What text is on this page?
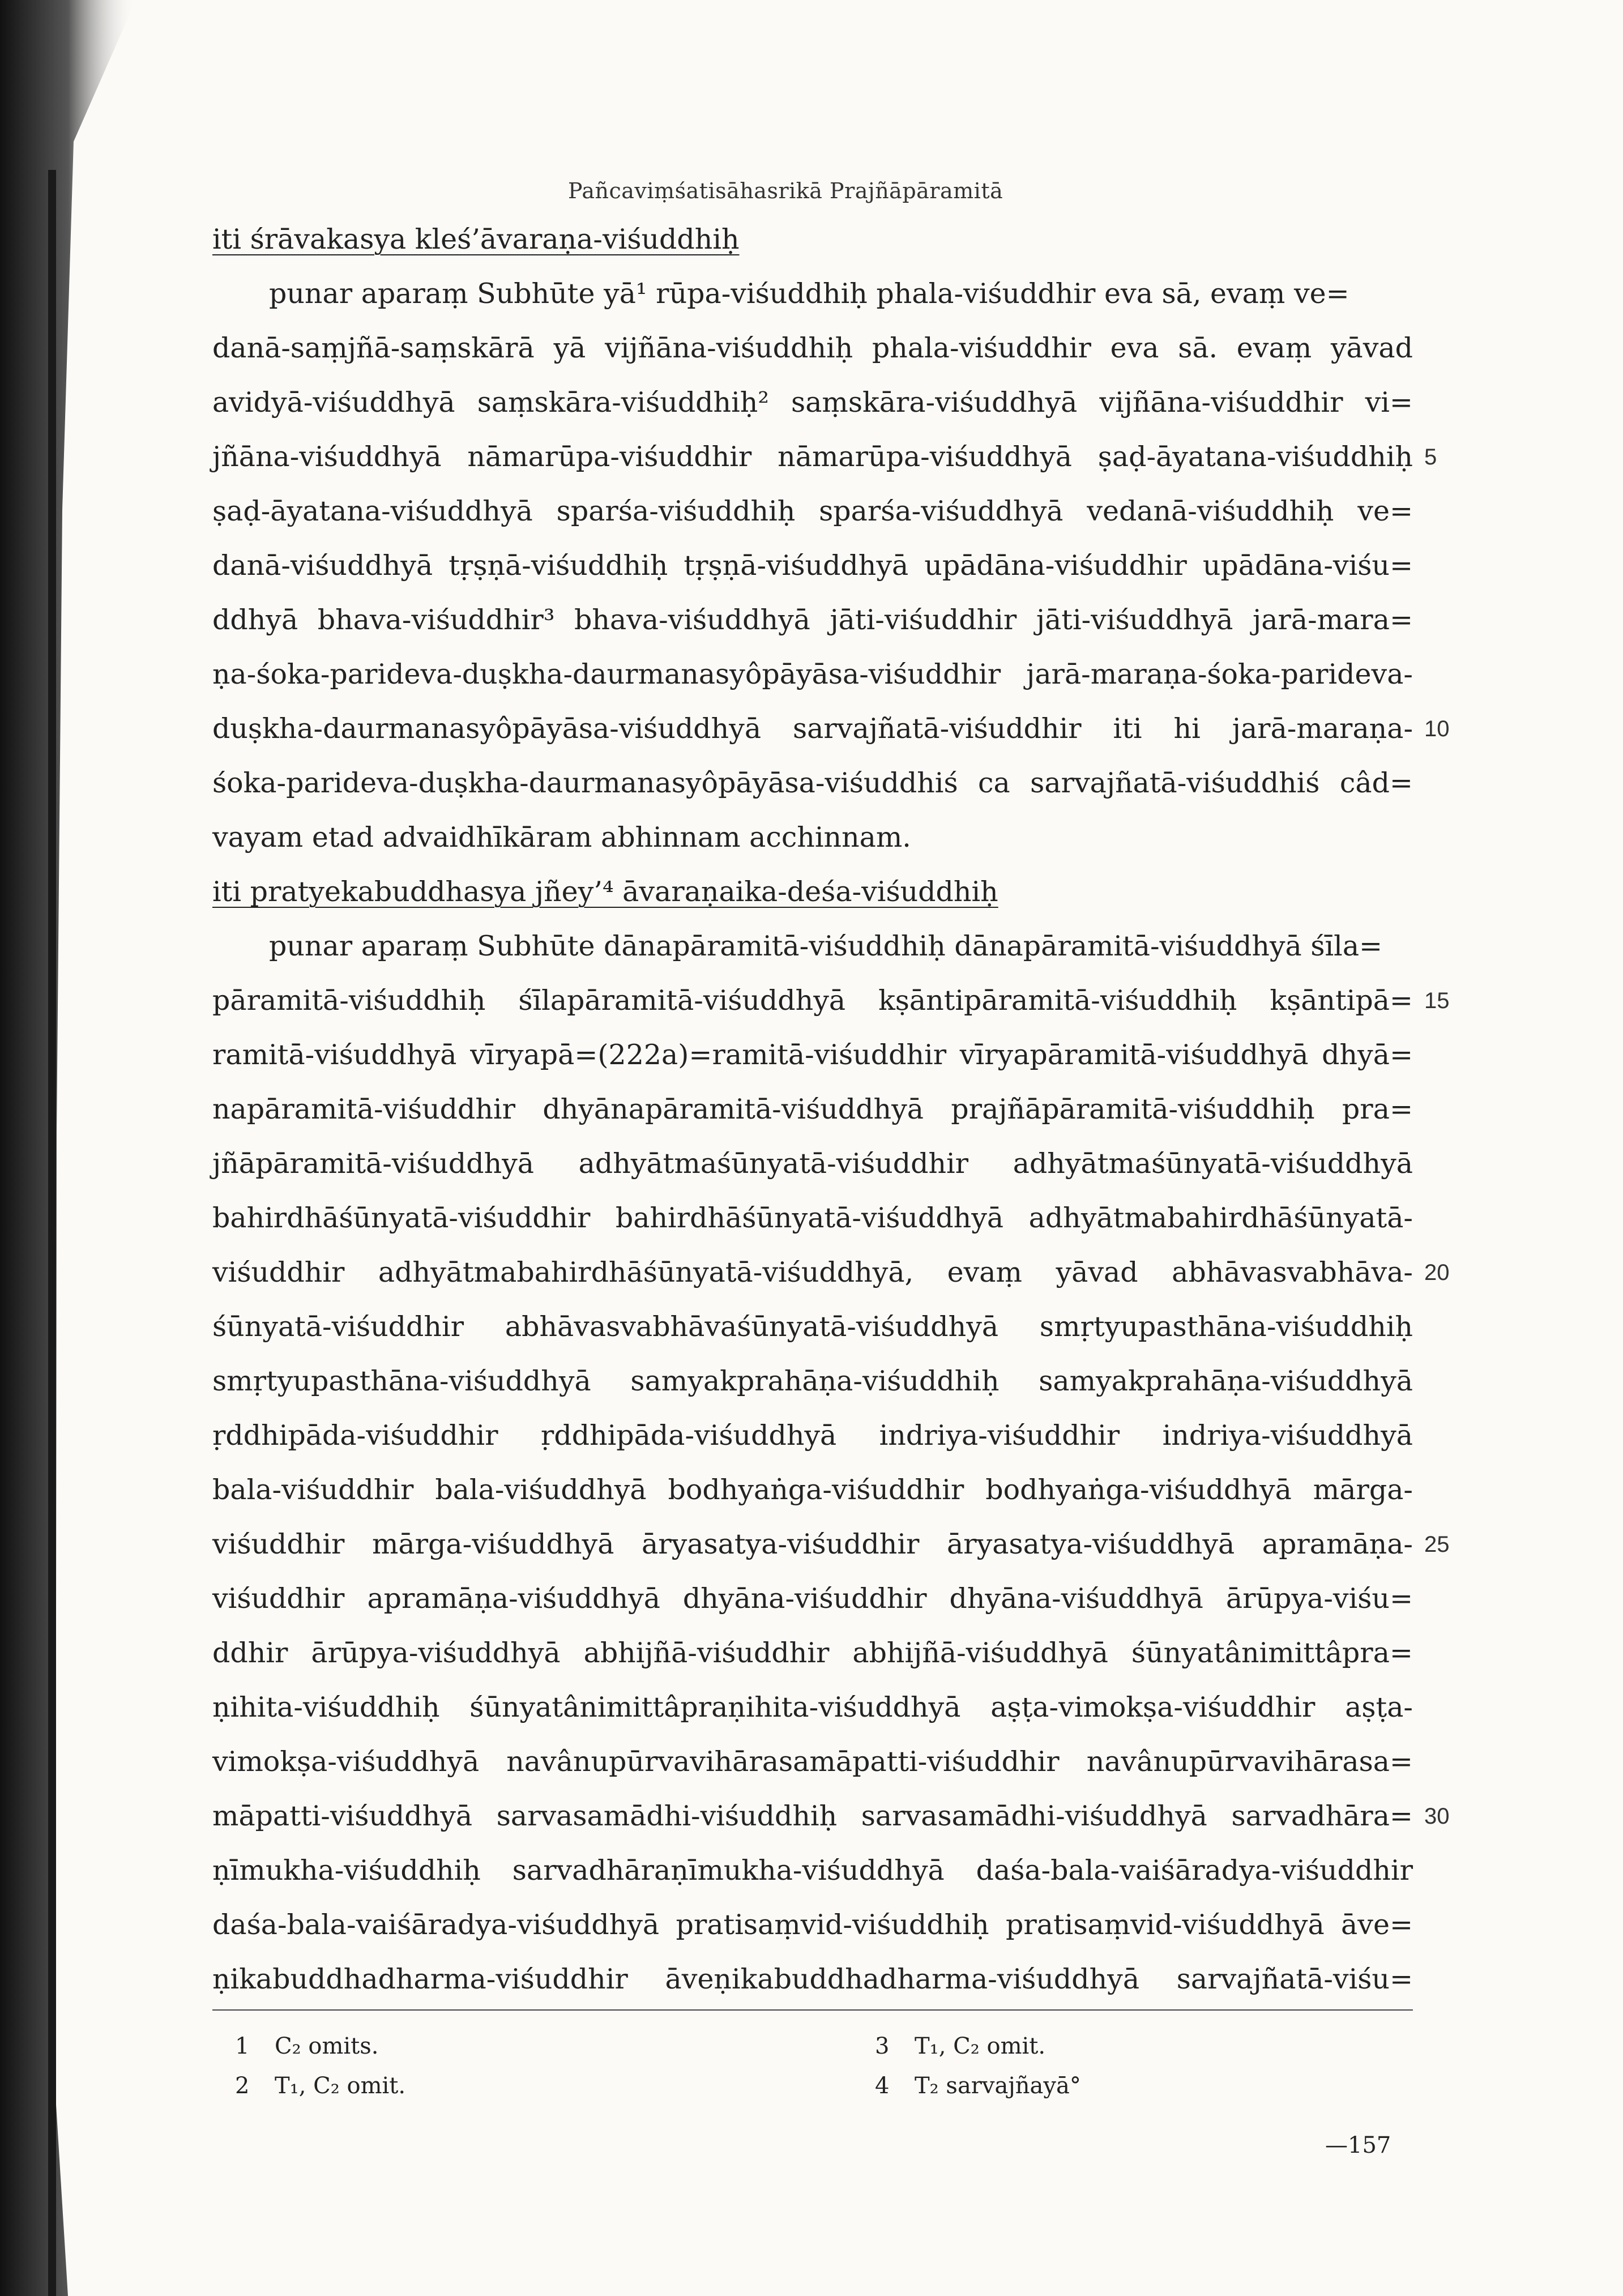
Pañcaviṃśatisāhasrikā Prajñāpāramitā
iti śrāvakasya kleś’āvaraṇa-viśuddhiḥ
punar aparaṃ Subhūte yā¹ rūpa-viśuddhiḥ phala-viśuddhir eva sā, evaṃ ve=
danā-saṃjñā-saṃskārā yā vijñāna-viśuddhiḥ phala-viśuddhir eva sā. evaṃ yāvad
avidyā-viśuddhyā saṃskāra-viśuddhiḥ² saṃskāra-viśuddhyā vijñāna-viśuddhir vi=
jñāna-viśuddhyā nāmarūpa-viśuddhir nāmarūpa-viśuddhyā ṣaḍ-āyatana-viśuddhiḥ 5
ṣaḍ-āyatana-viśuddhyā sparśa-viśuddhiḥ sparśa-viśuddhyā vedanā-viśuddhiḥ ve=
danā-viśuddhyā tṛṣṇā-viśuddhiḥ tṛṣṇā-viśuddhyā upādāna-viśuddhir upādāna-viśu=
ddhyā bhava-viśuddhir³ bhava-viśuddhyā jāti-viśuddhir jāti-viśuddhyā jarā-mara=
ṇa-śoka-parideva-duṣkha-daurmanasyôpāyāsa-viśuddhir jarā-maraṇa-śoka-parideva-
duṣkha-daurmanasyôpāyāsa-viśuddhyā sarvajñatā-viśuddhir iti hi jarā-maraṇa- 10
śoka-parideva-duṣkha-daurmanasyôpāyāsa-viśuddhiś ca sarvajñatā-viśuddhiś câd=
vayam etad advaidhīkāram abhinnam acchinnam.
iti pratyekabuddhasya jñey’⁴ āvaraṇaika-deśa-viśuddhiḥ
punar aparaṃ Subhūte dānapāramitā-viśuddhiḥ dānapāramitā-viśuddhyā śīla=
pāramitā-viśuddhiḥ śīlapāramitā-viśuddhyā kṣāntipāramitā-viśuddhiḥ kṣāntipā= 15
ramitā-viśuddhyā vīryapā=(222a)=ramitā-viśuddhir vīryapāramitā-viśuddhyā dhyā=
napāramitā-viśuddhir dhyānapāramitā-viśuddhyā prajñāpāramitā-viśuddhiḥ pra=
jñāpāramitā-viśuddhyā adhyātmaśūnyatā-viśuddhir adhyātmaśūnyatā-viśuddhyā
bahirdhāśūnyatā-viśuddhir bahirdhāśūnyatā-viśuddhyā adhyātmabahirdhāśūnyatā-
viśuddhir adhyātmabahirdhāśūnyatā-viśuddhyā, evaṃ yāvad abhāvasvabhāva- 20
śūnyatā-viśuddhir abhāvasvabhāvaśūnyatā-viśuddhyā smṛtyupasthāna-viśuddhiḥ
smṛtyupasthāna-viśuddhyā samyakprahāṇa-viśuddhiḥ samyakprahāṇa-viśuddhyā
ṛddhipāda-viśuddhir ṛddhipāda-viśuddhyā indriya-viśuddhir indriya-viśuddhyā
bala-viśuddhir bala-viśuddhyā bodhyaṅga-viśuddhir bodhyaṅga-viśuddhyā mārga-
viśuddhir mārga-viśuddhyā āryasatya-viśuddhir āryasatya-viśuddhyā apramāṇa- 25
viśuddhir apramāṇa-viśuddhyā dhyāna-viśuddhir dhyāna-viśuddhyā ārūpya-viśu=
ddhir ārūpya-viśuddhyā abhijñā-viśuddhir abhijñā-viśuddhyā śūnyatânimittâpra=
ṇihita-viśuddhiḥ śūnyatânimittâpraṇihita-viśuddhyā aṣṭa-vimokṣa-viśuddhir aṣṭa-
vimokṣa-viśuddhyā navânupūrvavihārasamāpatti-viśuddhir navânupūrvavihārasa=
māpatti-viśuddhyā sarvasamādhi-viśuddhiḥ sarvasamādhi-viśuddhyā sarvadhāra= 30
ṇīmukha-viśuddhiḥ sarvadhāraṇīmukha-viśuddhyā daśa-bala-vaiśāradya-viśuddhir
daśa-bala-vaiśāradya-viśuddhyā pratisaṃvid-viśuddhiḥ pratisaṃvid-viśuddhyā āve=
ṇikabuddhadharma-viśuddhir āveṇikabuddhadharma-viśuddhyā sarvajñatā-viśu=
1 C₂ omits.
2 T₁, C₂ omit.
3 T₁, C₂ omit.
4 T₂ sarvajñayā°
—157
